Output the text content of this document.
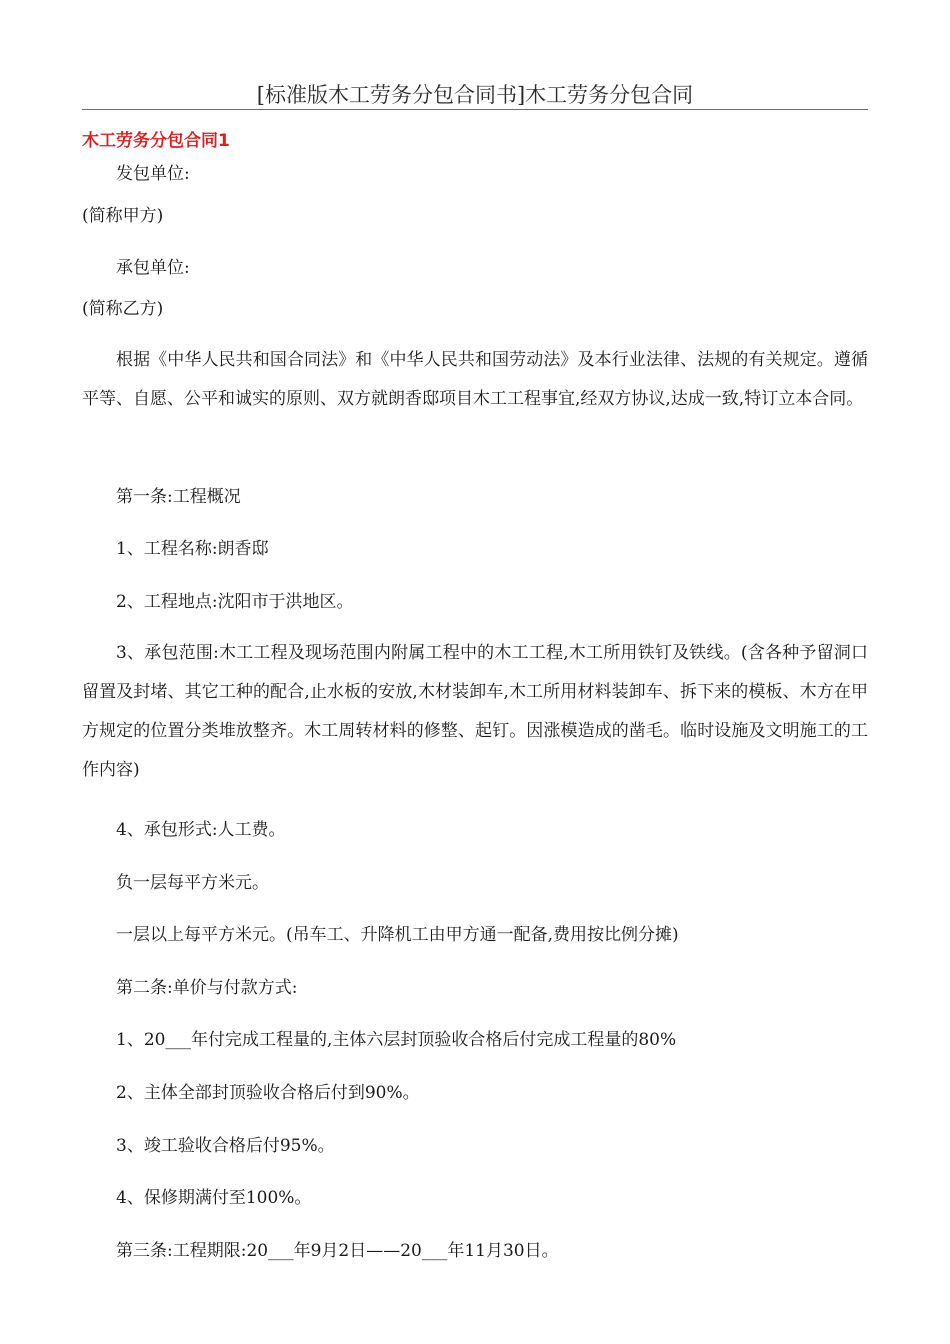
[标准版木工劳务分包合同书]木工劳务分包合同
木工劳务分包合同1
发包单位:
(简称甲方)
承包单位:
(简称乙方)
根据《中华人民共和国合同法》和《中华人民共和国劳动法》及本行业法律、法规的有关规定。遵循平等、自愿、公平和诚实的原则、双方就朗香邸项目木工工程事宜,经双方协议,达成一致,特订立本合同。
第一条:工程概况
1、工程名称:朗香邸
2、工程地点:沈阳市于洪地区。
3、承包范围:木工工程及现场范围内附属工程中的木工工程,木工所用铁钉及铁线。(含各种予留洞口留置及封堵、其它工种的配合,止水板的安放,木材装卸车,木工所用材料装卸车、拆下来的模板、木方在甲方规定的位置分类堆放整齐。木工周转材料的修整、起钉。因涨模造成的凿毛。临时设施及文明施工的工作内容)
4、承包形式:人工费。
负一层每平方米元。
一层以上每平方米元。(吊车工、升降机工由甲方通一配备,费用按比例分摊)
第二条:单价与付款方式:
1、20___年付完成工程量的,主体六层封顶验收合格后付完成工程量的80%
2、主体全部封顶验收合格后付到90%。
3、竣工验收合格后付95%。
4、保修期满付至100%。
第三条:工程期限:20___年9月2日——20___年11月30日。
